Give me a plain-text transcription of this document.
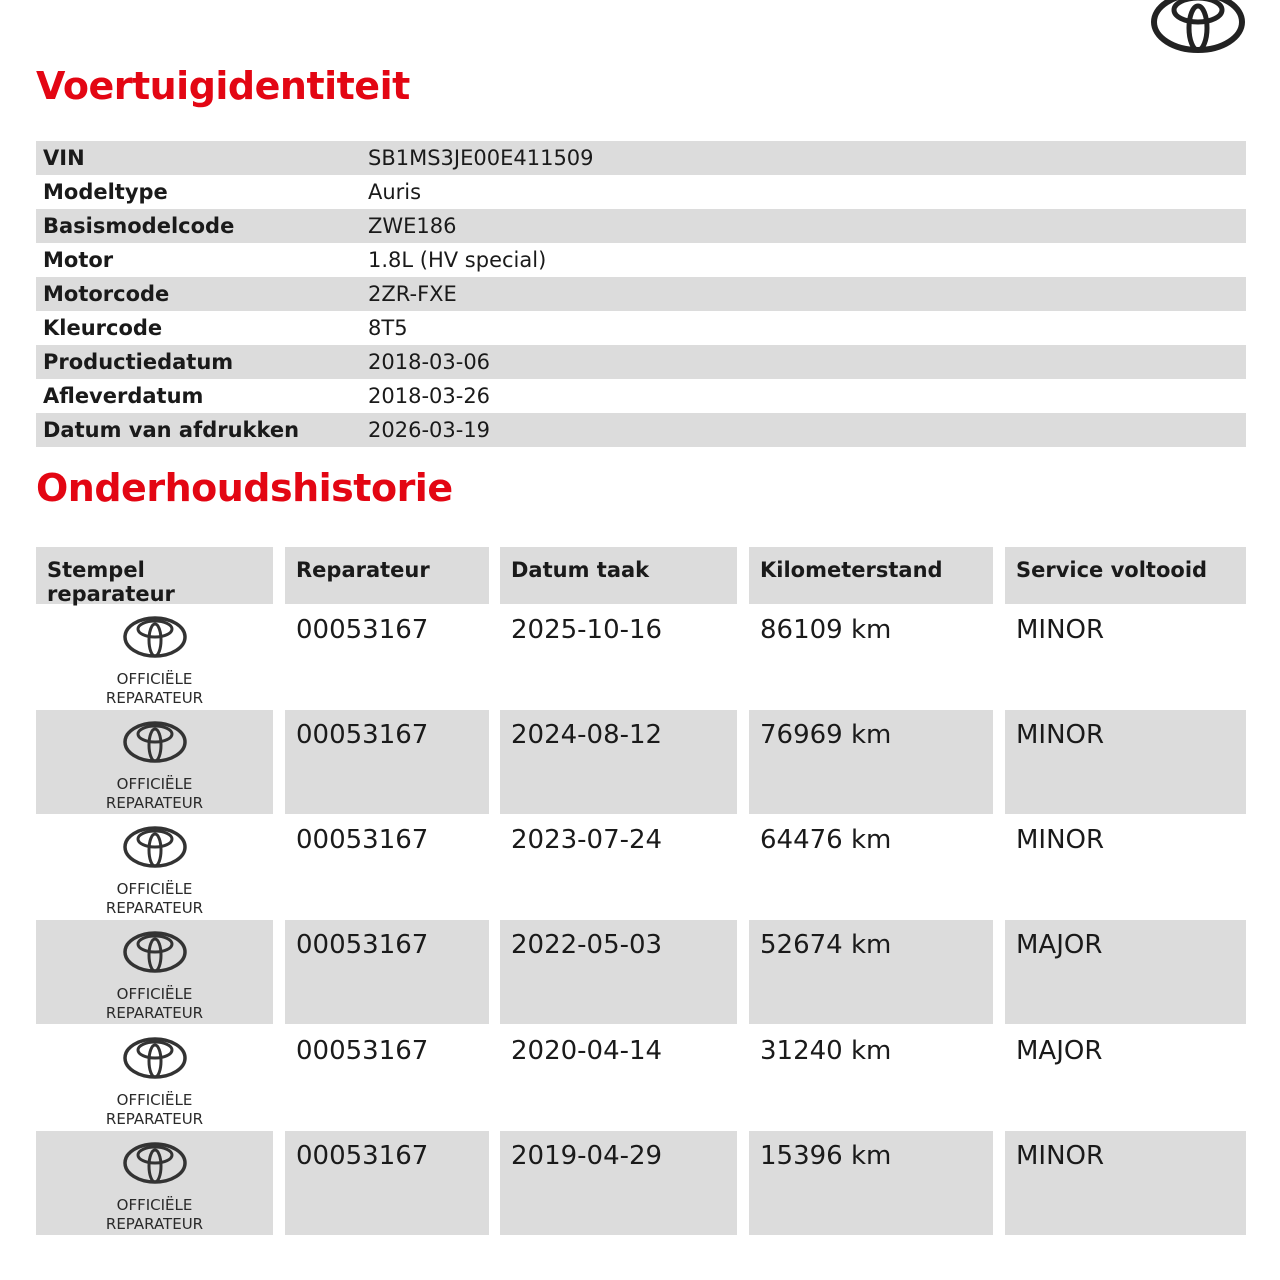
Voertuigidentiteit
VIN	SB1MS3JE00E411509
Modeltype	Auris
Basismodelcode	ZWE186
Motor	1.8L (HV special)
Motorcode	2ZR-FXE
Kleurcode	8T5
Productiedatum	2018-03-06
Afleverdatum	2018-03-26
Datum van afdrukken	2026-03-19
Onderhoudshistorie
Stempel reparateur
Reparateur	Datum taak	Kilometerstand	Service voltooid
OFFICIËLE
REPARATEUR
00053167	2025-10-16	86109 km	MINOR
OFFICIËLE
REPARATEUR
00053167	2024-08-12	76969 km	MINOR
OFFICIËLE
REPARATEUR
00053167	2023-07-24	64476 km	MINOR
OFFICIËLE
REPARATEUR
00053167	2022-05-03	52674 km	MAJOR
OFFICIËLE
REPARATEUR
00053167	2020-04-14	31240 km	MAJOR
OFFICIËLE
REPARATEUR
00053167	2019-04-29	15396 km	MINOR
